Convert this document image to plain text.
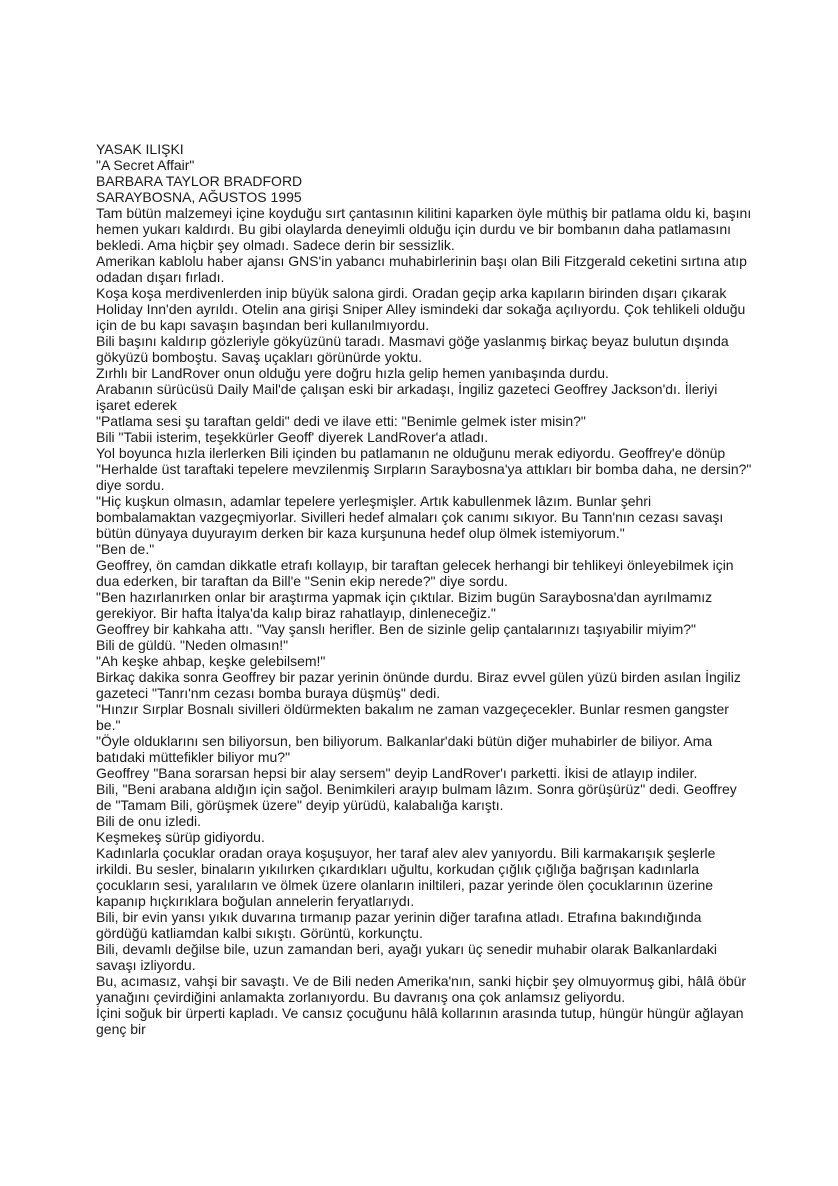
YASAK ILIŞKI
"A Secret Affair"
BARBARA TAYLOR BRADFORD
SARAYBOSNA, AĞUSTOS 1995
Tam bütün malzemeyi içine koyduğu sırt çantasının kilitini kaparken öyle müthiş bir patlama oldu ki, başını
hemen yukarı kaldırdı. Bu gibi olaylarda deneyimli olduğu için durdu ve bir bombanın daha patlamasını
bekledi. Ama hiçbir şey olmadı. Sadece derin bir sessizlik.
Amerikan kablolu haber ajansı GNS'in yabancı muhabirlerinin başı olan Bili Fitzgerald ceketini sırtına atıp
odadan dışarı fırladı.
Koşa koşa merdivenlerden inip büyük salona girdi. Oradan geçip arka kapıların birinden dışarı çıkarak
Holiday Inn'den ayrıldı. Otelin ana girişi Sniper Alley ismindeki dar sokağa açılıyordu. Çok tehlikeli olduğu
için de bu kapı savaşın başından beri kullanılmıyordu.
Bili başını kaldırıp gözleriyle gökyüzünü taradı. Masmavi göğe yaslanmış birkaç beyaz bulutun dışında
gökyüzü bomboştu. Savaş uçakları görünürde yoktu.
Zırhlı bir LandRover onun olduğu yere doğru hızla gelip hemen yanıbaşında durdu.
Arabanın sürücüsü Daily Mail'de çalışan eski bir arkadaşı, İngiliz gazeteci Geoffrey Jackson'dı. İleriyi
işaret ederek
"Patlama sesi şu taraftan geldi" dedi ve ilave etti: "Benimle gelmek ister misin?"
Bili "Tabii isterim, teşekkürler Geoff' diyerek LandRover'a atladı.
Yol boyunca hızla ilerlerken Bili içinden bu patlamanın ne olduğunu merak ediyordu. Geoffrey'e dönüp
"Herhalde üst taraftaki tepelere mevzilenmiş Sırpların Saraybosna'ya attıkları bir bomba daha, ne dersin?"
diye sordu.
"Hiç kuşkun olmasın, adamlar tepelere yerleşmişler. Artık kabullenmek lâzım. Bunlar şehri
bombalamaktan vazgeçmiyorlar. Sivilleri hedef almaları çok canımı sıkıyor. Bu Tann'nın cezası savaşı
bütün dünyaya duyurayım derken bir kaza kurşununa hedef olup ölmek istemiyorum."
"Ben de."
Geoffrey, ön camdan dikkatle etrafı kollayıp, bir taraftan gelecek herhangi bir tehlikeyi önleyebilmek için
dua ederken, bir taraftan da Bill'e "Senin ekip nerede?" diye sordu.
"Ben hazırlanırken onlar bir araştırma yapmak için çıktılar. Bizim bugün Saraybosna'dan ayrılmamız
gerekiyor. Bir hafta İtalya'da kalıp biraz rahatlayıp, dinleneceğiz."
Geoffrey bir kahkaha attı. "Vay şanslı herifler. Ben de sizinle gelip çantalarınızı taşıyabilir miyim?"
Bili de güldü. "Neden olmasın!"
"Ah keşke ahbap, keşke gelebilsem!"
Birkaç dakika sonra Geoffrey bir pazar yerinin önünde durdu. Biraz evvel gülen yüzü birden asılan İngiliz
gazeteci "Tanrı'nm cezası bomba buraya düşmüş" dedi.
"Hınzır Sırplar Bosnalı sivilleri öldürmekten bakalım ne zaman vazgeçecekler. Bunlar resmen gangster
be."
"Öyle olduklarını sen biliyorsun, ben biliyorum. Balkanlar'daki bütün diğer muhabirler de biliyor. Ama
batıdaki müttefikler biliyor mu?"
Geoffrey "Bana sorarsan hepsi bir alay sersem" deyip LandRover'ı parketti. İkisi de atlayıp indiler.
Bili, "Beni arabana aldığın için sağol. Benimkileri arayıp bulmam lâzım. Sonra görüşürüz" dedi. Geoffrey
de "Tamam Bili, görüşmek üzere" deyip yürüdü, kalabalığa karıştı.
Bili de onu izledi.
Keşmekeş sürüp gidiyordu.
Kadınlarla çocuklar oradan oraya koşuşuyor, her taraf alev alev yanıyordu. Bili karmakarışık şeşlerle
irkildi. Bu sesler, binaların yıkılırken çıkardıkları uğultu, korkudan çığlık çığlığa bağrışan kadınlarla
çocukların sesi, yaralıların ve ölmek üzere olanların iniltileri, pazar yerinde ölen çocuklarının üzerine
kapanıp hıçkırıklara boğulan annelerin feryatlarıydı.
Bili, bir evin yansı yıkık duvarına tırmanıp pazar yerinin diğer tarafına atladı. Etrafına bakındığında
gördüğü katliamdan kalbi sıkıştı. Görüntü, korkunçtu.
Bili, devamlı değilse bile, uzun zamandan beri, ayağı yukarı üç senedir muhabir olarak Balkanlardaki
savaşı izliyordu.
Bu, acımasız, vahşi bir savaştı. Ve de Bili neden Amerika'nın, sanki hiçbir şey olmuyormuş gibi, hâlâ öbür
yanağını çevirdiğini anlamakta zorlanıyordu. Bu davranış ona çok anlamsız geliyordu.
İçini soğuk bir ürperti kapladı. Ve cansız çocuğunu hâlâ kollarının arasında tutup, hüngür hüngür ağlayan
genç bir
